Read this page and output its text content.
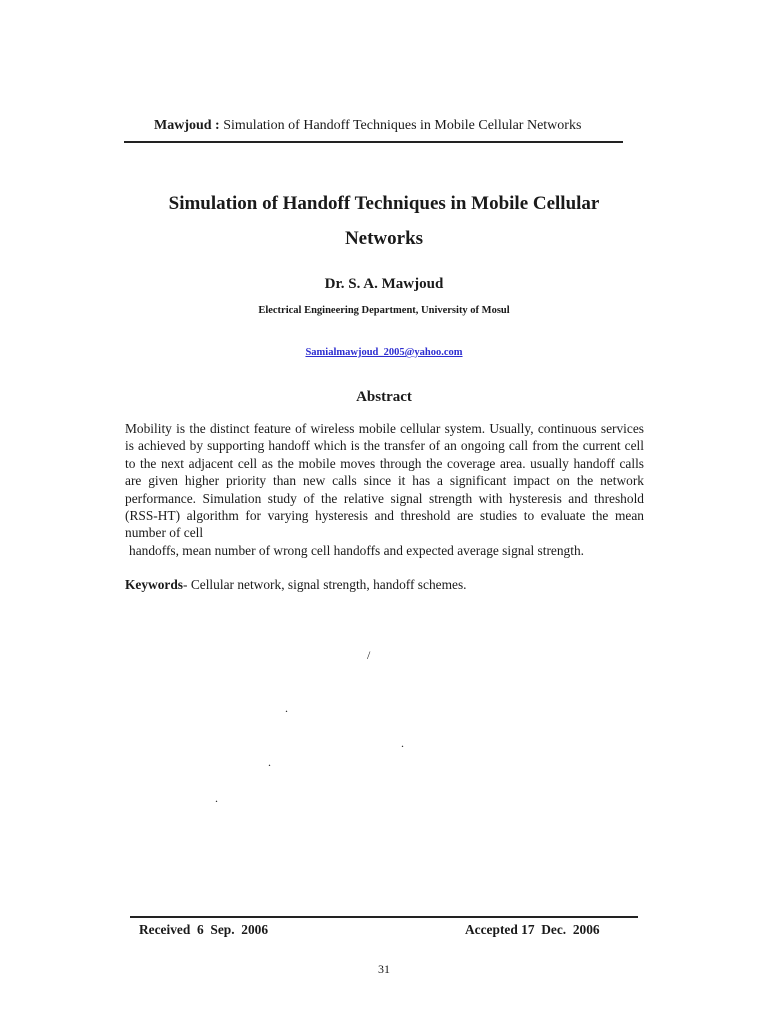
Mawjoud : Simulation of Handoff Techniques in Mobile Cellular Networks
Simulation of Handoff Techniques in Mobile Cellular
Networks
Dr. S. A. Mawjoud
Electrical Engineering Department, University of Mosul
Samialmawjoud_2005@yahoo.com
Abstract

Mobility is the distinct feature of wireless mobile cellular system. Usually, continuous services is achieved by supporting handoff which is the transfer of an ongoing call from the current cell to the next adjacent cell as the mobile moves through the coverage area. usually handoff calls are given higher priority than new calls since it has a significant impact on the network performance. Simulation study of the relative signal strength with hysteresis and threshold (RSS-HT) algorithm for varying hysteresis and threshold are studies to evaluate the mean number of cell

handoffs, mean number of wrong cell handoffs and expected average signal strength.

Keywords- Cellular network, signal strength, handoff schemes.
/
.
.
.
.
Received  6  Sep.  2006	Accepted 17  Dec.  2006
31
